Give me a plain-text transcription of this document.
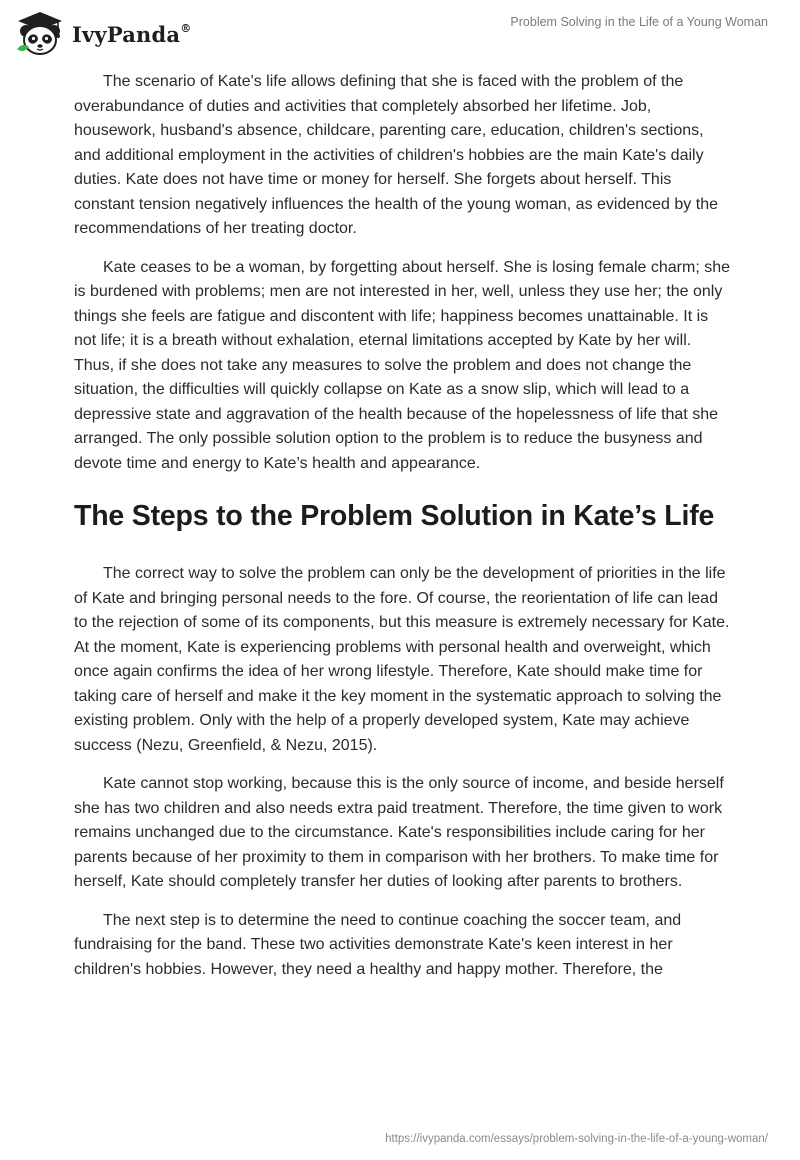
IvyPanda®	Problem Solving in the Life of a Young Woman

The scenario of Kate's life allows defining that she is faced with the problem of the overabundance of duties and activities that completely absorbed her lifetime. Job, housework, husband's absence, childcare, parenting care, education, children's sections, and additional employment in the activities of children's hobbies are the main Kate's daily duties. Kate does not have time or money for herself. She forgets about herself. This constant tension negatively influences the health of the young woman, as evidenced by the recommendations of her treating doctor.

Kate ceases to be a woman, by forgetting about herself. She is losing female charm; she is burdened with problems; men are not interested in her, well, unless they use her; the only things she feels are fatigue and discontent with life; happiness becomes unattainable. It is not life; it is a breath without exhalation, eternal limitations accepted by Kate by her will. Thus, if she does not take any measures to solve the problem and does not change the situation, the difficulties will quickly collapse on Kate as a snow slip, which will lead to a depressive state and aggravation of the health because of the hopelessness of life that she arranged. The only possible solution option to the problem is to reduce the busyness and devote time and energy to Kate’s health and appearance.

The Steps to the Problem Solution in Kate’s Life

The correct way to solve the problem can only be the development of priorities in the life of Kate and bringing personal needs to the fore. Of course, the reorientation of life can lead to the rejection of some of its components, but this measure is extremely necessary for Kate. At the moment, Kate is experiencing problems with personal health and overweight, which once again confirms the idea of her wrong lifestyle. Therefore, Kate should make time for taking care of herself and make it the key moment in the systematic approach to solving the existing problem. Only with the help of a properly developed system, Kate may achieve success (Nezu, Greenfield, & Nezu, 2015).

Kate cannot stop working, because this is the only source of income, and beside herself she has two children and also needs extra paid treatment. Therefore, the time given to work remains unchanged due to the circumstance. Kate's responsibilities include caring for her parents because of her proximity to them in comparison with her brothers. To make time for herself, Kate should completely transfer her duties of looking after parents to brothers.

The next step is to determine the need to continue coaching the soccer team, and fundraising for the band. These two activities demonstrate Kate's keen interest in her children's hobbies. However, they need a healthy and happy mother. Therefore, the

https://ivypanda.com/essays/problem-solving-in-the-life-of-a-young-woman/
